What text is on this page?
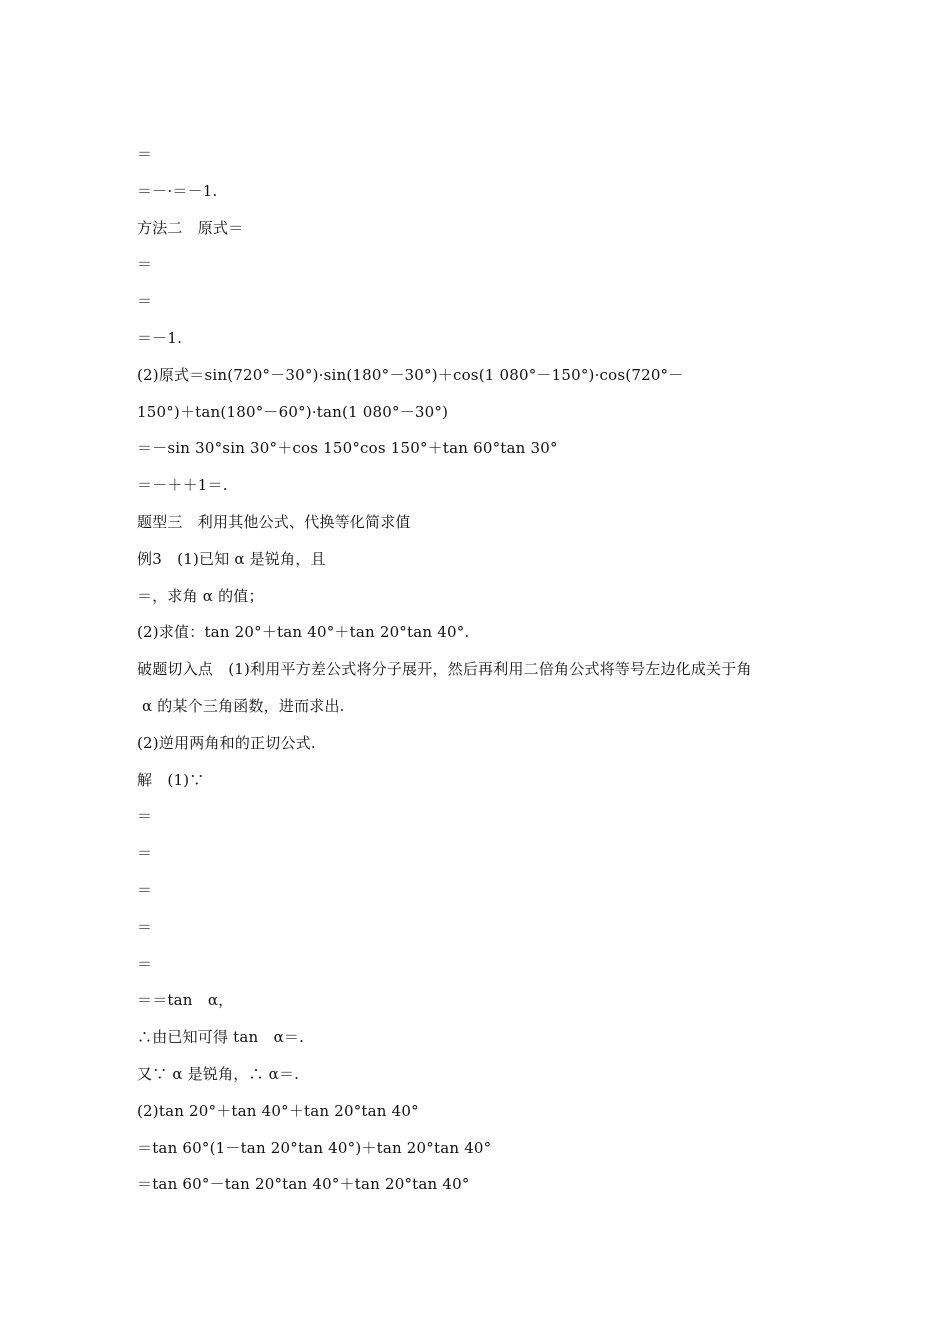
＝
＝－·＝－1.
方法二　原式＝
＝
＝
＝－1.
(2)原式＝sin(720°－30°)·sin(180°－30°)＋cos(1 080°－150°)·cos(720°－
150°)＋tan(180°－60°)·tan(1 080°－30°)
＝－sin 30°sin 30°＋cos 150°cos 150°＋tan 60°tan 30°
＝－＋＋1＝.
题型三　利用其他公式、代换等化简求值
例3　(1)已知 α 是锐角，且
＝，求角 α 的值；
(2)求值：tan 20°＋tan 40°＋tan 20°tan 40°.
破题切入点　(1)利用平方差公式将分子展开，然后再利用二倍角公式将等号左边化成关于角
α 的某个三角函数，进而求出.
(2)逆用两角和的正切公式.
解　(1)∵
＝
＝
＝
＝
＝
＝＝tan　α，
∴由已知可得 tan　α＝.
又∵ α 是锐角，∴ α＝.
(2)tan 20°＋tan 40°＋tan 20°tan 40°
＝tan 60°(1－tan 20°tan 40°)＋tan 20°tan 40°
＝tan 60°－tan 20°tan 40°＋tan 20°tan 40°
